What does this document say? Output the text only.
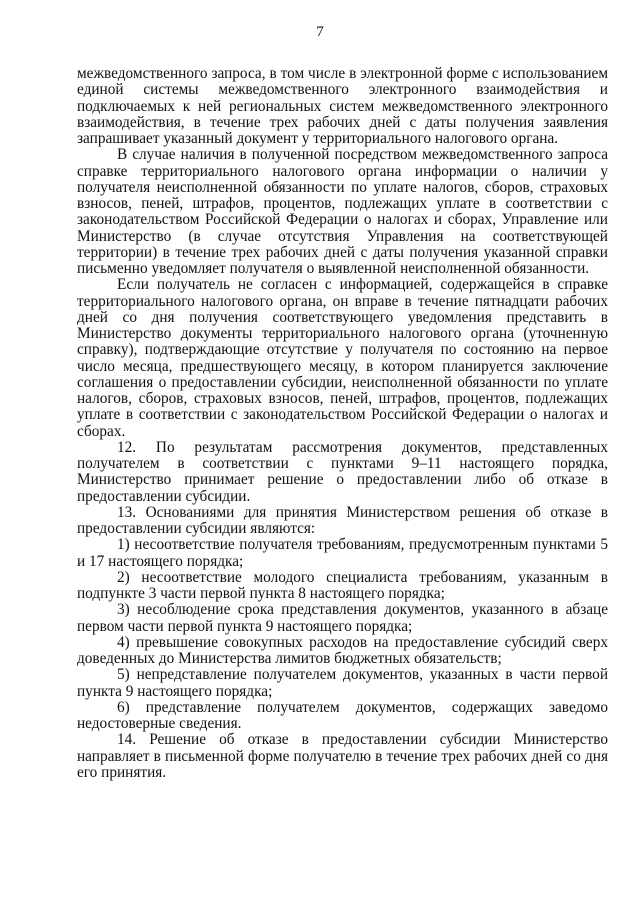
7

межведомственного запроса, в том числе в электронной форме с использованием единой системы межведомственного электронного взаимодействия и подключаемых к ней региональных систем межведомственного электронного взаимодействия, в течение трех рабочих дней с даты получения заявления запрашивает указанный документ у территориального налогового органа.

В случае наличия в полученной посредством межведомственного запроса справке территориального налогового органа информации о наличии у получателя неисполненной обязанности по уплате налогов, сборов, страховых взносов, пеней, штрафов, процентов, подлежащих уплате в соответствии с законодательством Российской Федерации о налогах и сборах, Управление или Министерство (в случае отсутствия Управления на соответствующей территории) в течение трех рабочих дней с даты получения указанной справки письменно уведомляет получателя о выявленной неисполненной обязанности.

Если получатель не согласен с информацией, содержащейся в справке территориального налогового органа, он вправе в течение пятнадцати рабочих дней со дня получения соответствующего уведомления представить в Министерство документы территориального налогового органа (уточненную справку), подтверждающие отсутствие у получателя по состоянию на первое число месяца, предшествующего месяцу, в котором планируется заключение соглашения о предоставлении субсидии, неисполненной обязанности по уплате налогов, сборов, страховых взносов, пеней, штрафов, процентов, подлежащих уплате в соответствии с законодательством Российской Федерации о налогах и сборах.

12. По результатам рассмотрения документов, представленных получателем в соответствии с пунктами 9–11 настоящего порядка, Министерство принимает решение о предоставлении либо об отказе в предоставлении субсидии.

13. Основаниями для принятия Министерством решения об отказе в предоставлении субсидии являются:

1) несоответствие получателя требованиям, предусмотренным пунктами 5 и 17 настоящего порядка;

2) несоответствие молодого специалиста требованиям, указанным в подпункте 3 части первой пункта 8 настоящего порядка;

3) несоблюдение срока представления документов, указанного в абзаце первом части первой пункта 9 настоящего порядка;

4) превышение совокупных расходов на предоставление субсидий сверх доведенных до Министерства лимитов бюджетных обязательств;

5) непредставление получателем документов, указанных в части первой пункта 9 настоящего порядка;

6) представление получателем документов, содержащих заведомо недостоверные сведения.

14. Решение об отказе в предоставлении субсидии Министерство направляет в письменной форме получателю в течение трех рабочих дней со дня его принятия.
